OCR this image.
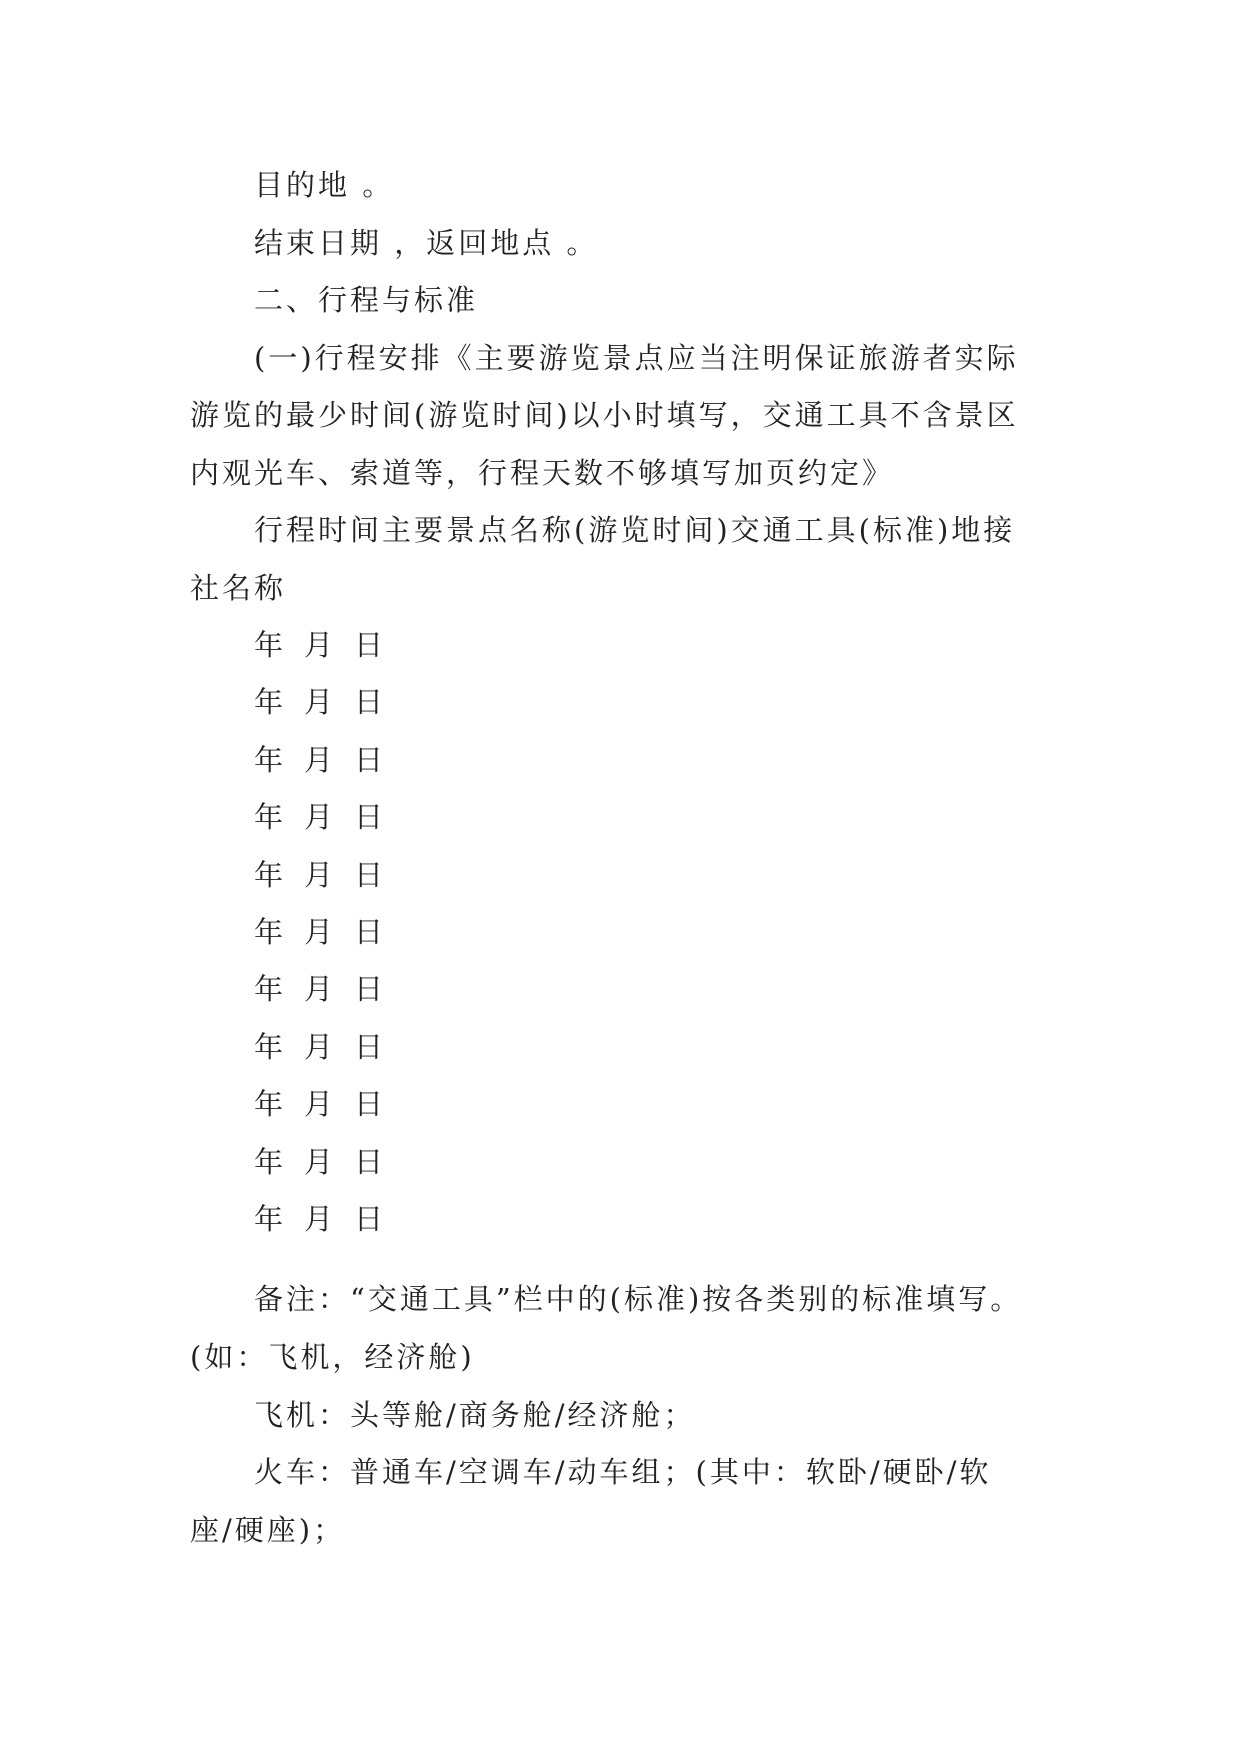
目的地 。
结束日期 ，返回地点 。
二、行程与标准
(一)行程安排《主要游览景点应当注明保证旅游者实际
游览的最少时间(游览时间)以小时填写，交通工具不含景区
内观光车、索道等，行程天数不够填写加页约定》
行程时间主要景点名称(游览时间)交通工具(标准)地接
社名称
年 月 日
年 月 日
年 月 日
年 月 日
年 月 日
年 月 日
年 月 日
年 月 日
年 月 日
年 月 日
年 月 日
备注：“交通工具”栏中的(标准)按各类别的标准填写。
(如：飞机，经济舱)
飞机：头等舱/商务舱/经济舱；
火车：普通车/空调车/动车组；(其中：软卧/硬卧/软
座/硬座)；
